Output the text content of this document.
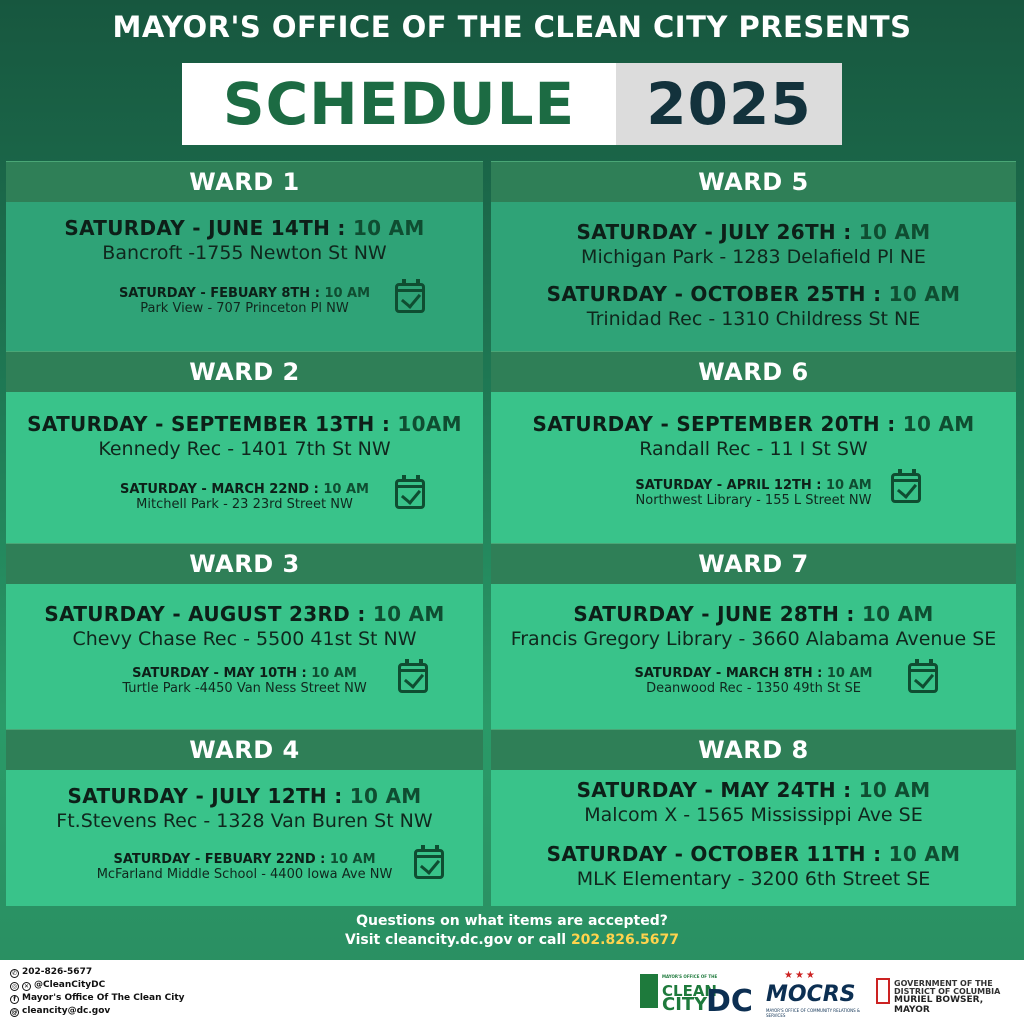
MAYOR'S OFFICE OF THE CLEAN CITY PRESENTS
SCHEDULE	2025
WARD 1
SATURDAY - JUNE 14TH : 10 AM
Bancroft -1755 Newton St NW
SATURDAY - FEBUARY 8TH : 10 AM
Park View - 707 Princeton Pl NW
WARD 2
SATURDAY - SEPTEMBER 13TH : 10AM
Kennedy Rec - 1401 7th St NW
SATURDAY - MARCH 22ND : 10 AM
Mitchell Park - 23 23rd Street NW
WARD 3
SATURDAY - AUGUST 23RD : 10 AM
Chevy Chase Rec - 5500 41st St NW
SATURDAY - MAY 10TH : 10 AM
Turtle Park -4450 Van Ness Street NW
WARD 4
SATURDAY - JULY 12TH : 10 AM
Ft.Stevens Rec - 1328 Van Buren St NW
SATURDAY - FEBUARY 22ND : 10 AM
McFarland Middle School - 4400 Iowa Ave NW
WARD 5
SATURDAY - JULY 26TH : 10 AM
Michigan Park - 1283 Delafield Pl NE
SATURDAY - OCTOBER 25TH : 10 AM
Trinidad Rec - 1310 Childress St NE
WARD 6
SATURDAY - SEPTEMBER 20TH : 10 AM
Randall Rec - 11 I St SW
SATURDAY - APRIL 12TH : 10 AM
Northwest Library - 155 L Street NW
WARD 7
SATURDAY - JUNE 28TH : 10 AM
Francis Gregory Library - 3660 Alabama Avenue SE
SATURDAY - MARCH 8TH : 10 AM
Deanwood Rec - 1350 49th St SE
WARD 8
SATURDAY - MAY 24TH : 10 AM
Malcom X - 1565 Mississippi Ave SE
SATURDAY - OCTOBER 11TH : 10 AM
MLK Elementary - 3200 6th Street SE
Questions on what items are accepted?
Visit cleancity.dc.gov or call 202.826.5677
✆ 202-826-5677
◎ ✕ @CleanCityDC
f Mayor's Office Of The Clean City
@ cleancity@dc.gov
MAYOR'S OFFICE OF THE
CLEAN
CITY
DC
★★★
MOCRS
MAYOR'S OFFICE OF COMMUNITY RELATIONS & SERVICES
GOVERNMENT OF THE
DISTRICT OF COLUMBIA
MURIEL BOWSER, MAYOR
